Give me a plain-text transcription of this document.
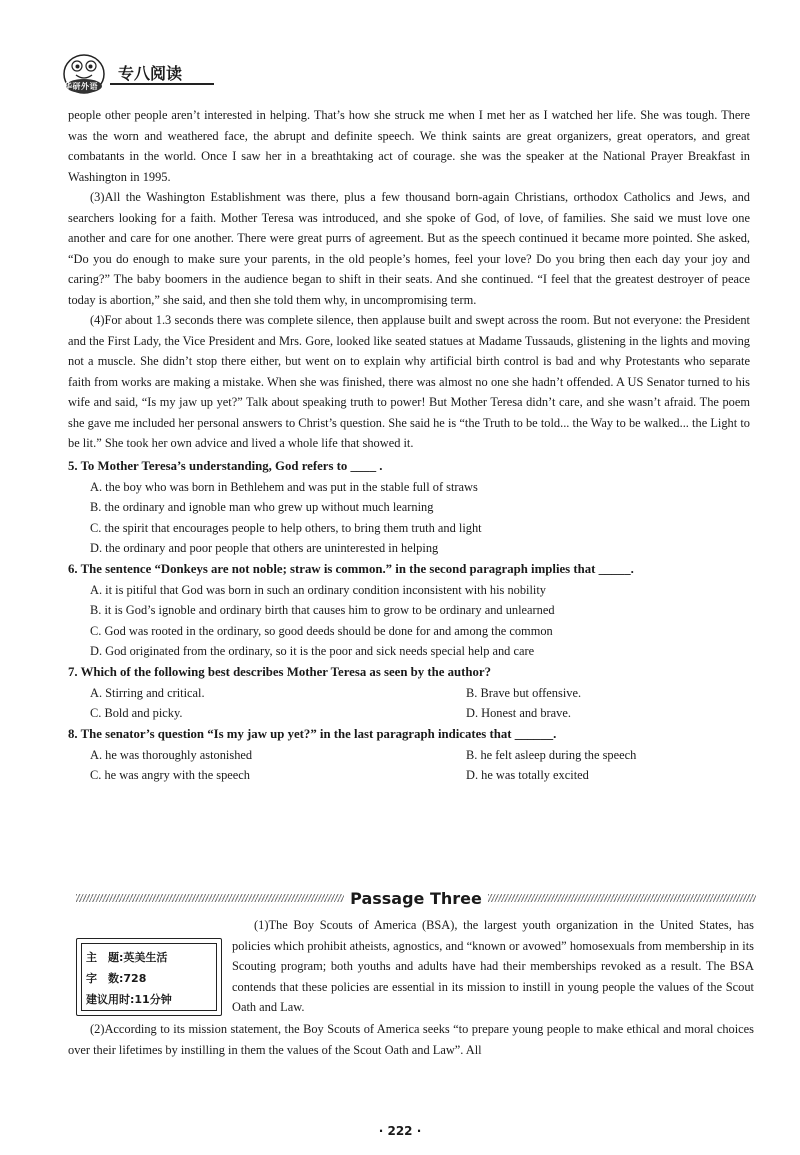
华研外语
专八阅读

people other people aren’t interested in helping. That’s how she struck me when I met her as I watched her life. She was tough. There was the worn and weathered face, the abrupt and definite speech. We think saints are great organizers, great operators, and great combatants in the world. Once I saw her in a breathtaking act of courage. she was the speaker at the National Prayer Breakfast in Washington in 1995.

(3)All the Washington Establishment was there, plus a few thousand born-again Christians, orthodox Catholics and Jews, and searchers looking for a faith. Mother Teresa was introduced, and she spoke of God, of love, of families. She said we must love one another and care for one another. There were great purrs of agreement. But as the speech continued it became more pointed. She asked, “Do you do enough to make sure your parents, in the old people’s homes, feel your love? Do you bring then each day your joy and caring?” The baby boomers in the audience began to shift in their seats. And she continued. “I feel that the greatest destroyer of peace today is abortion,” she said, and then she told them why, in uncompromising term.

(4)For about 1.3 seconds there was complete silence, then applause built and swept across the room. But not everyone: the President and the First Lady, the Vice President and Mrs. Gore, looked like seated statues at Madame Tussauds, glistening in the lights and moving not a muscle. She didn’t stop there either, but went on to explain why artificial birth control is bad and why Protestants who separate faith from works are making a mistake. When she was finished, there was almost no one she hadn’t offended. A US Senator turned to his wife and said, “Is my jaw up yet?” Talk about speaking truth to power! But Mother Teresa didn’t care, and she wasn’t afraid. The poem she gave me included her personal answers to Christ’s question. She said he is “the Truth to be told... the Way to be walked... the Light to be lit.” She took her own advice and lived a whole life that showed it.

5. To Mother Teresa’s understanding, God refers to ____ .

A. the boy who was born in Bethlehem and was put in the stable full of straws

B. the ordinary and ignoble man who grew up without much learning

C. the spirit that encourages people to help others, to bring them truth and light

D. the ordinary and poor people that others are uninterested in helping

6. The sentence “Donkeys are not noble; straw is common.” in the second paragraph implies that _____.

A. it is pitiful that God was born in such an ordinary condition inconsistent with his nobility

B. it is God’s ignoble and ordinary birth that causes him to grow to be ordinary and unlearned

C. God was rooted in the ordinary, so good deeds should be done for and among the common

D. God originated from the ordinary, so it is the poor and sick needs special help and care

7. Which of the following best describes Mother Teresa as seen by the author?

A. Stirring and critical.	B. Brave but offensive.
C. Bold and picky.	D. Honest and brave.

8. The senator’s question “Is my jaw up yet?” in the last paragraph indicates that ______.

A. he was thoroughly astonished	B. he felt asleep during the speech
C. he was angry with the speech	D. he was totally excited
Passage Three
主　题:英美生活
字　数:728
建议用时:11分钟

(1)The Boy Scouts of America (BSA), the largest youth organization in the United States, has policies which prohibit atheists, agnostics, and “known or avowed” homosexuals from membership in its Scouting program; both youths and adults have had their memberships revoked as a result. The BSA contends that these policies are essential in its mission to instill in young people the values of the Scout Oath and Law.

(2)According to its mission statement, the Boy Scouts of America seeks “to prepare young people to make ethical and moral choices over their lifetimes by instilling in them the values of the Scout Oath and Law”. All

· 222 ·
